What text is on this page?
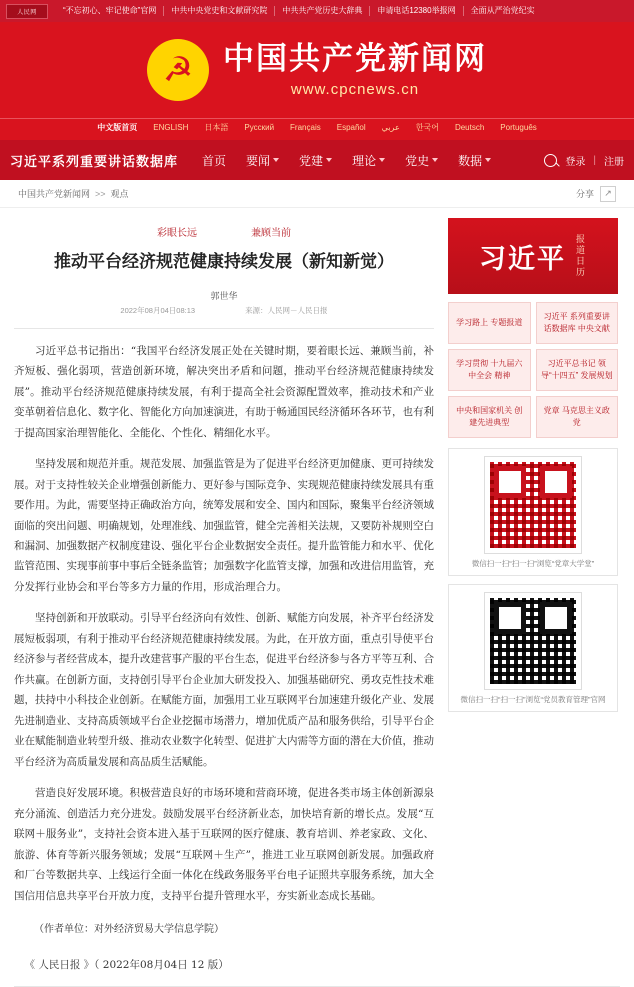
人民网	“不忘初心、牢记使命”官网	中共中央党史和文献研究院	中共共产党历史大辞典	申请电话12380举报网	全面从严治党纪实
☭ 中国共产党新闻网
www.cpcnews.cn
中文版首页 ENGLISH 日本語 Русский Français Español عربي 한국어 Deutsch Português
习近平系列重要讲话数据库 首页 要闻 党建 理论 党史 数据	登录 | 注册
中国共产党新闻网 >> 观点	分享	↗
彩眼长远	兼顾当前
推动平台经济规范健康持续发展（新知新觉）
郭世华
2022年08月04日08:13	来源：人民网－人民日报

习近平总书记指出：“我国平台经济发展正处在关键时期，要着眼长远、兼顾当前，补齐短板、强化弱项，营造创新环境，解决突出矛盾和问题，推动平台经济规范健康持续发展”。推动平台经济规范健康持续发展，有利于提高全社会资源配置效率，推动技术和产业变革朝着信息化、数字化、智能化方向加速演进，有助于畅通国民经济循环各环节，也有利于提高国家治理智能化、全能化、个性化、精细化水平。

坚持发展和规范并重。规范发展、加强监管是为了促进平台经济更加健康、更可持续发展。对于支持性较关企业增强创新能力、更好参与国际竞争、实现规范健康持续发展具有重要作用。为此，需要坚持正确政治方向，统筹发展和安全、国内和国际，聚集平台经济领域面临的突出问题、明确规划，处理准线、加强监管，健全完善相关法规，又要防补规则空白和漏洞、加强数据产权制度建设、强化平台企业数据安全责任。提升监管能力和水平、优化监管范围、实现事前事中事后全链条监管；加强数字化监管支撑，加强和改进信用监管，充分发挥行业协会和平台等多方力量的作用，形成治理合力。

坚持创新和开放联动。引导平台经济向有效性、创新、赋能方向发展，补齐平台经济发展短板弱项，有利于推动平台经济规范健康持续发展。为此，在开放方面，重点引导使平台经济参与者经营成本，提升改建营事产服的平台生态，促进平台经济参与各方平等互利、合作共赢。在创新方面，支持创引导平台企业加大研发投入、加强基础研究、勇攻克性技术难题，扶持中小科技企业创新。在赋能方面，加强用工业互联网平台加速建升级化产业、发展先进制造业、支持高质领域平台企业挖掘市场潜力，增加优质产品和服务供给，引导平台企业在赋能制造业转型升级、推动农业数字化转型、促进扩大内需等方面的潜在大价值，推动平台经济为高质量发展和高品质生活赋能。

营造良好发展环境。积极营造良好的市场环境和营商环境，促进各类市场主体创新源泉充分涌流、创造活力充分进发。鼓励发展平台经济新业态，加快培育新的增长点。发展“互联网＋服务业”，支持社会资本进入基于互联网的医疗健康、教育培训、养老家政、文化、旅游、体育等新兴服务领域；发展“互联网＋生产”，推进工业互联网创新发展。加强政府和厂台等数据共享、上线运行全面一体化在线政务服务平台电子证照共享服务系统，加大全国信用信息共享平台开放力度，支持平台提升管理水平，夯实新业态成长基础。

（作者单位：对外经济贸易大学信息学院）

《 人民日报 》（ 2022年08月04日 12 版）

习近平 报道日历
学习路上 专题报道
习近平 系列重要讲话数据库 中央文献
学习贯彻 十九届六中全会 精神
习近平总书记 领导“十四五” 发展规划
中央和国家机关 创建先进典型
党章 马克思主义政党
微信扫一扫“扫一扫”浏览“党章大学堂”
微信扫一扫“扫一扫”浏览“党员教育管理”官网
